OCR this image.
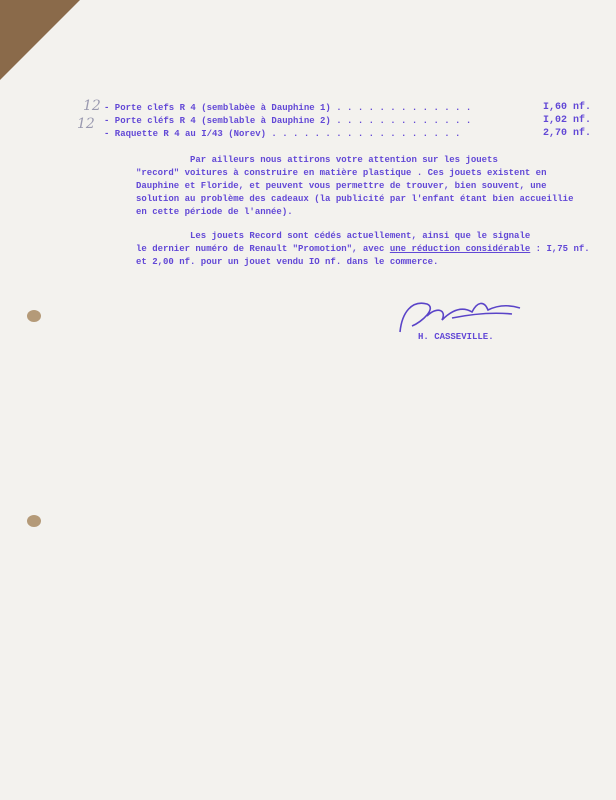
12 - Porte clefs R 4 (semblabèe à Dauphine 1) . . . . . . . . . . . . .	I,60 nf.
12 - Porte cléfs R 4 (semblable à Dauphine 2) . . . . . . . . . . . . .	I,02 nf.
- Raquette R 4 au I/43 (Norev) . . . . . . . . . . . . . . . . . .	2,70 nf.
Par ailleurs nous attirons votre attention sur les jouets
"record" voitures à construire en matière plastique . Ces jouets existent en
Dauphine et Floride, et peuvent vous permettre de trouver, bien souvent, une
solution au problème des cadeaux (la publicité par l'enfant étant bien accueillie
en cette période de l'année).
Les jouets Record sont cédés actuellement, ainsi que le signale
le dernier numéro de Renault "Promotion", avec une réduction considérable : I,75 nf.
et 2,00 nf. pour un jouet vendu IO nf. dans le commerce.
H. CASSEVILLE.
